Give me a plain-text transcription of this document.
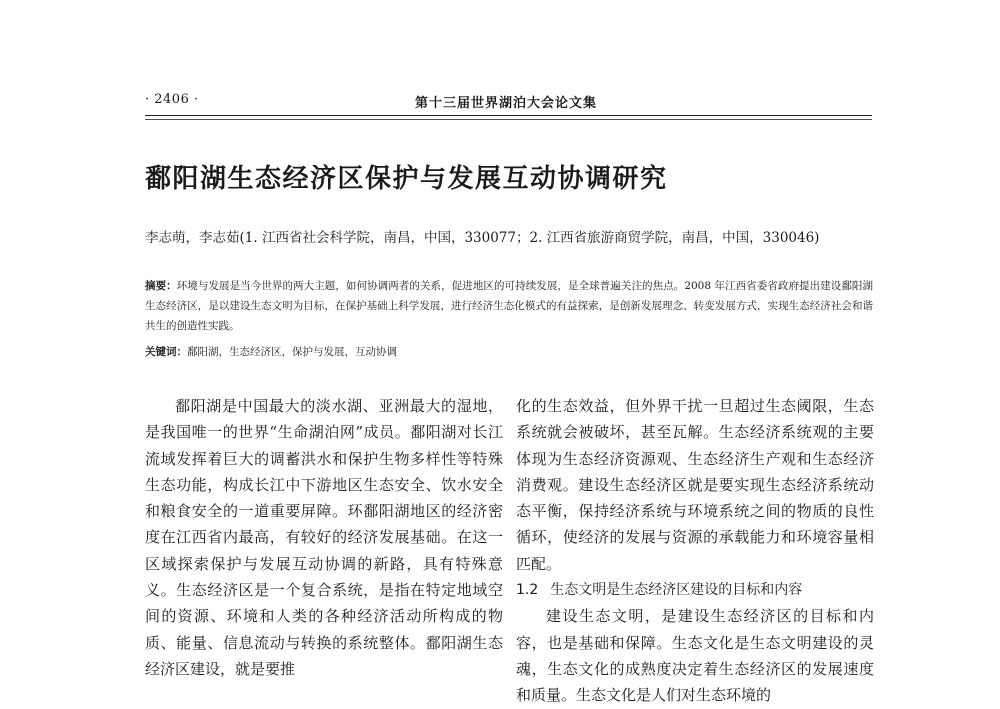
· 2406 ·	第十三届世界湖泊大会论文集
鄱阳湖生态经济区保护与发展互动协调研究
李志萌，李志茹(1. 江西省社会科学院，南昌，中国，330077；2. 江西省旅游商贸学院，南昌，中国，330046)
摘要：环境与发展是当今世界的两大主题，如何协调两者的关系，促进地区的可持续发展，是全球普遍关注的焦点。2008 年江西省委省政府提出建设鄱阳湖生态经济区，是以建设生态文明为目标，在保护基础上科学发展，进行经济生态化模式的有益探索，是创新发展理念、转变发展方式，实现生态经济社会和谐共生的创造性实践。
关键词：鄱阳湖，生态经济区，保护与发展，互动协调

鄱阳湖是中国最大的淡水湖、亚洲最大的湿地，是我国唯一的世界“生命湖泊网”成员。鄱阳湖对长江流域发挥着巨大的调蓄洪水和保护生物多样性等特殊生态功能，构成长江中下游地区生态安全、饮水安全和粮食安全的一道重要屏障。环鄱阳湖地区的经济密度在江西省内最高，有较好的经济发展基础。在这一区域探索保护与发展互动协调的新路，具有特殊意义。生态经济区是一个复合系统，是指在特定地域空间的资源、环境和人类的各种经济活动所构成的物质、能量、信息流动与转换的系统整体。鄱阳湖生态经济区建设，就是要推

化的生态效益，但外界干扰一旦超过生态阈限，生态系统就会被破坏，甚至瓦解。生态经济系统观的主要体现为生态经济资源观、生态经济生产观和生态经济消费观。建设生态经济区就是要实现生态经济系统动态平衡，保持经济系统与环境系统之间的物质的良性循环，使经济的发展与资源的承载能力和环境容量相匹配。

1.2 生态文明是生态经济区建设的目标和内容

建设生态文明，是建设生态经济区的目标和内容，也是基础和保障。生态文化是生态文明建设的灵魂，生态文化的成熟度决定着生态经济区的发展速度和质量。生态文化是人们对生态环境的
